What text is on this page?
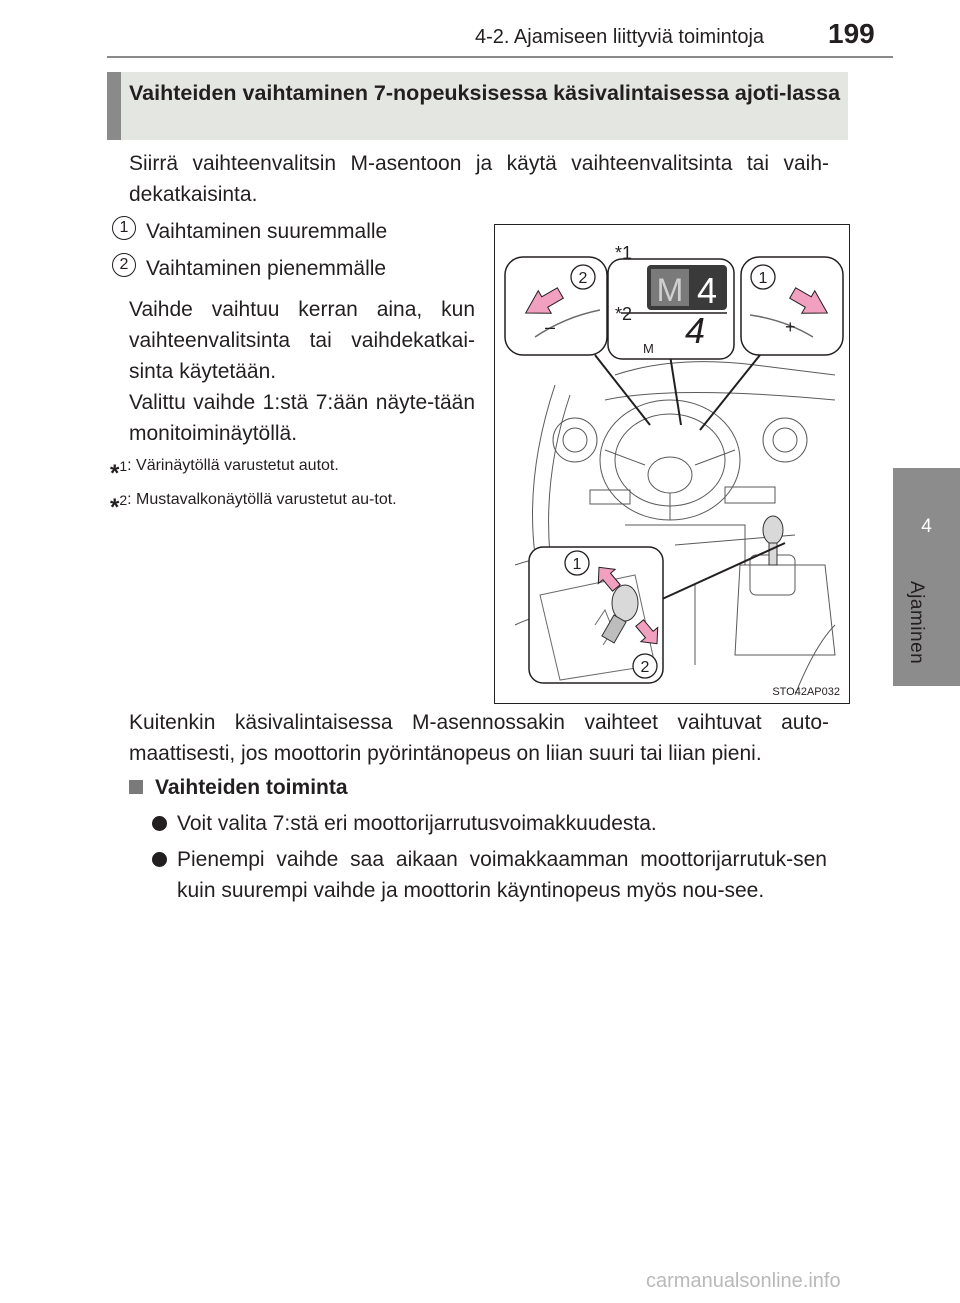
4-2. Ajamiseen liittyviä toimintoja 199
4
Ajaminen
Vaihteiden vaihtaminen 7-nopeuksisessa käsivalintaisessa ajoti-lassa

Siirrä vaihteenvalitsin M-asentoon ja käytä vaihteenvalitsinta tai vaih-dekatkaisinta.

1 Vaihtaminen suuremmalle
2 Vaihtaminen pienemmälle

Vaihde vaihtuu kerran aina, kun vaihteenvalitsinta tai vaihdekatkai-sinta käytetään.

Valittu vaihde 1:stä 7:ään näyte-tään monitoiminäytöllä.

*1: Värinäytöllä varustetut autot.
*2: Mustavalkonäytöllä varustetut au-tot.
–
2
+
1
M 4
*1
*2 4
M
1
2
STO42AP032

Kuitenkin käsivalintaisessa M-asennossakin vaihteet vaihtuvat auto-maattisesti, jos moottorin pyörintänopeus on liian suuri tai liian pieni.

Vaihteiden toiminta
Voit valita 7:stä eri moottorijarrutusvoimakkuudesta.
Pienempi vaihde saa aikaan voimakkaamman moottorijarrutuk-sen kuin suurempi vaihde ja moottorin käyntinopeus myös nou-see.
carmanualsonline.info
